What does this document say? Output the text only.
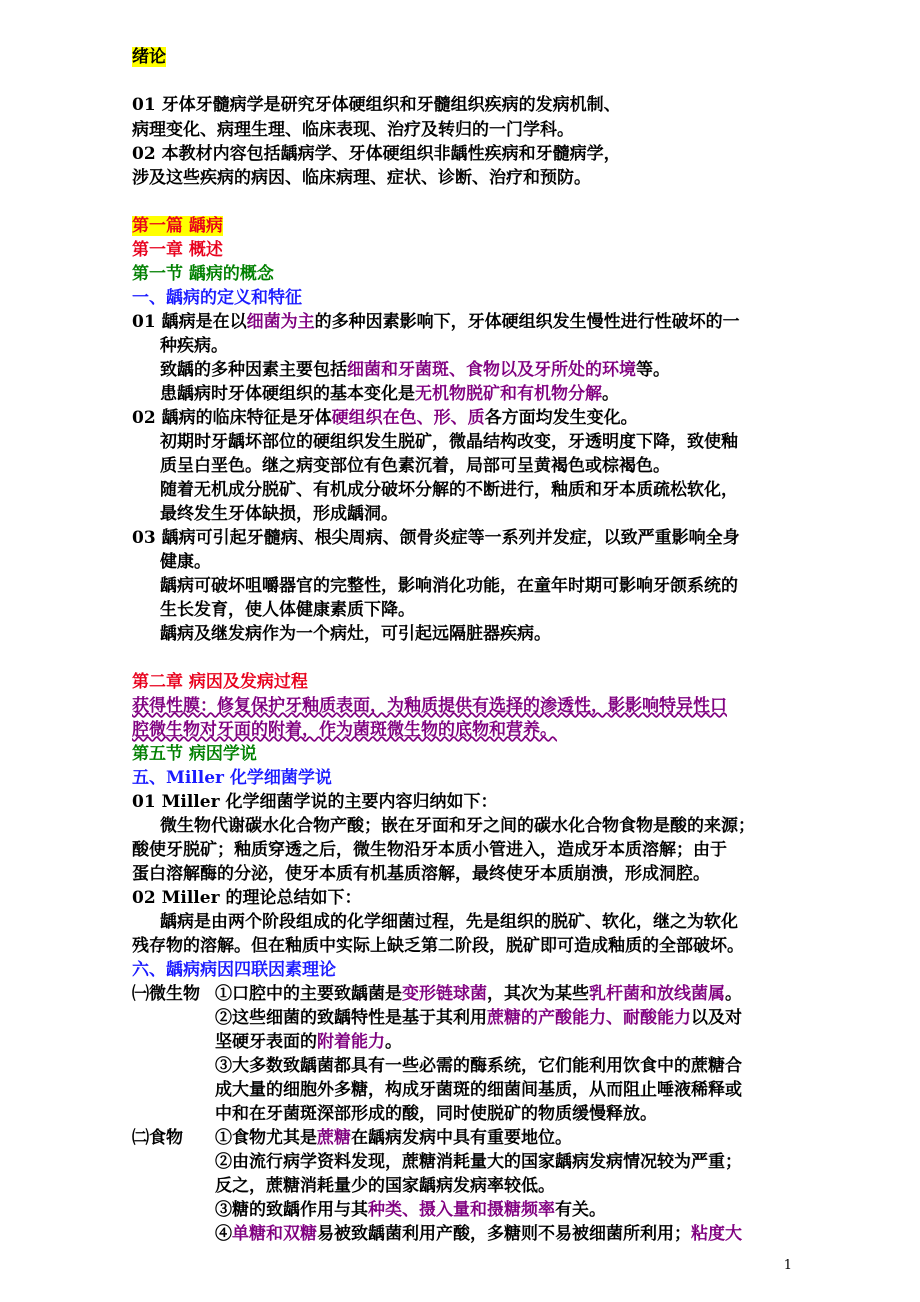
绪论
01 牙体牙髓病学是研究牙体硬组织和牙髓组织疾病的发病机制、
病理变化、病理生理、临床表现、治疗及转归的一门学科。
02 本教材内容包括龋病学、牙体硬组织非龋性疾病和牙髓病学，
涉及这些疾病的病因、临床病理、症状、诊断、治疗和预防。
第一篇 龋病
第一章 概述
第一节 龋病的概念
一、龋病的定义和特征
01 龋病是在以细菌为主的多种因素影响下，牙体硬组织发生慢性进行性破坏的一
种疾病。
致龋的多种因素主要包括细菌和牙菌斑、食物以及牙所处的环境等。
患龋病时牙体硬组织的基本变化是无机物脱矿和有机物分解。
02 龋病的临床特征是牙体硬组织在色、形、质各方面均发生变化。
初期时牙龋坏部位的硬组织发生脱矿，微晶结构改变，牙透明度下降，致使釉
质呈白垩色。继之病变部位有色素沉着，局部可呈黄褐色或棕褐色。
随着无机成分脱矿、有机成分破坏分解的不断进行，釉质和牙本质疏松软化，
最终发生牙体缺损，形成龋洞。
03 龋病可引起牙髓病、根尖周病、颌骨炎症等一系列并发症，以致严重影响全身
健康。
龋病可破坏咀嚼器官的完整性，影响消化功能，在童年时期可影响牙颌系统的
生长发育，使人体健康素质下降。
龋病及继发病作为一个病灶，可引起远隔脏器疾病。
第二章 病因及发病过程
获得性膜：修复保护牙釉质表面，为釉质提供有选择的渗透性，影影响特异性口
腔微生物对牙面的附着，作为菌斑微生物的底物和营养。
第五节 病因学说
五、Miller 化学细菌学说
01 Miller 化学细菌学说的主要内容归纳如下：
微生物代谢碳水化合物产酸；嵌在牙面和牙之间的碳水化合物食物是酸的来源；
酸使牙脱矿；釉质穿透之后，微生物沿牙本质小管进入，造成牙本质溶解；由于
蛋白溶解酶的分泌，使牙本质有机基质溶解，最终使牙本质崩溃，形成洞腔。
02 Miller 的理论总结如下：
龋病是由两个阶段组成的化学细菌过程，先是组织的脱矿、软化，继之为软化
残存物的溶解。但在釉质中实际上缺乏第二阶段，脱矿即可造成釉质的全部破坏。
六、龋病病因四联因素理论
㈠微生物 ①口腔中的主要致龋菌是变形链球菌，其次为某些乳杆菌和放线菌属。
②这些细菌的致龋特性是基于其利用蔗糖的产酸能力、耐酸能力以及对
坚硬牙表面的附着能力。
③大多数致龋菌都具有一些必需的酶系统，它们能利用饮食中的蔗糖合
成大量的细胞外多糖，构成牙菌斑的细菌间基质，从而阻止唾液稀释或
中和在牙菌斑深部形成的酸，同时使脱矿的物质缓慢释放。
㈡食物 ①食物尤其是蔗糖在龋病发病中具有重要地位。
②由流行病学资料发现，蔗糖消耗量大的国家龋病发病情况较为严重；
反之，蔗糖消耗量少的国家龋病发病率较低。
③糖的致龋作用与其种类、摄入量和摄糖频率有关。
④单糖和双糖易被致龋菌利用产酸，多糖则不易被细菌所利用；粘度大
1
